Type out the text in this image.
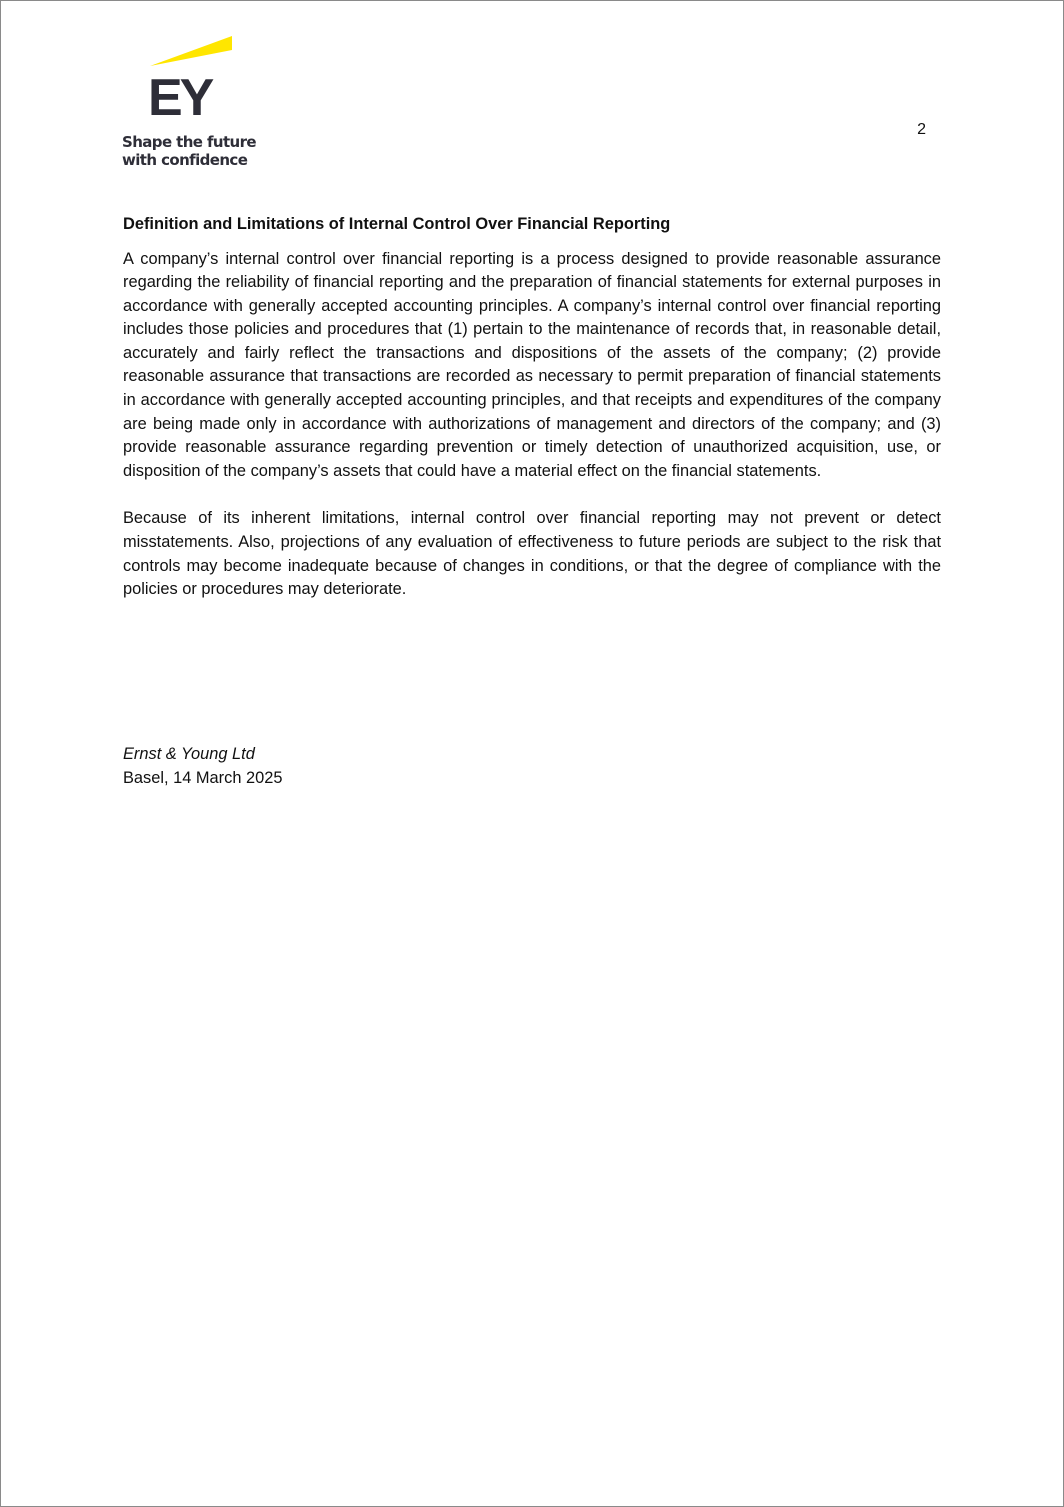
EY
Shape the future
with confidence
2
Definition and Limitations of Internal Control Over Financial Reporting

A company’s internal control over financial reporting is a process designed to provide reasonable assurance regarding the reliability of financial reporting and the preparation of financial statements for external purposes in accordance with generally accepted accounting principles. A company’s internal control over financial reporting includes those policies and procedures that (1) pertain to the maintenance of records that, in reasonable detail, accurately and fairly reflect the transactions and dispositions of the assets of the company; (2) provide reasonable assurance that transactions are recorded as necessary to permit preparation of financial statements in accordance with generally accepted accounting principles, and that receipts and expenditures of the company are being made only in accordance with authorizations of management and directors of the company; and (3) provide reasonable assurance regarding prevention or timely detection of unauthorized acquisition, use, or disposition of the company’s assets that could have a material effect on the financial statements.

Because of its inherent limitations, internal control over financial reporting may not prevent or detect misstatements. Also, projections of any evaluation of effectiveness to future periods are subject to the risk that controls may become inadequate because of changes in conditions, or that the degree of compliance with the policies or procedures may deteriorate.

Ernst & Young Ltd
Basel, 14 March 2025
